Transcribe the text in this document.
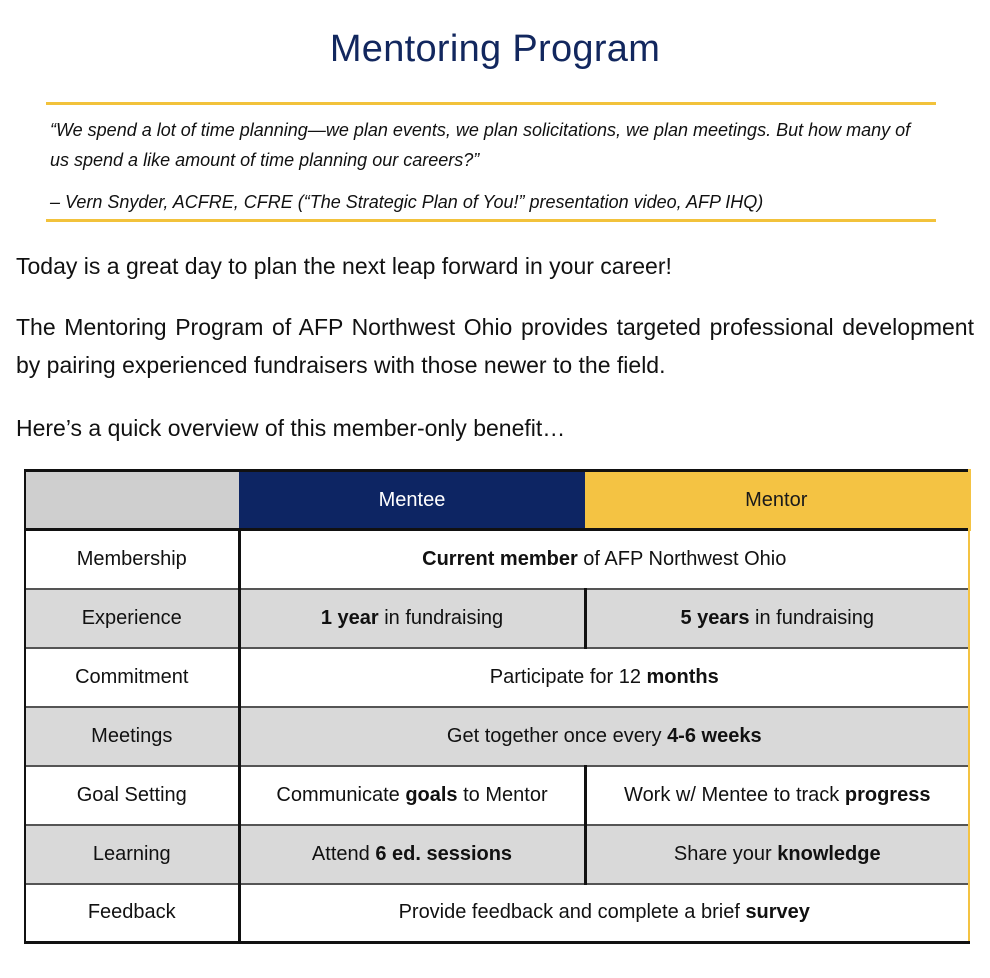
Mentoring Program

“We spend a lot of time planning—we plan events, we plan solicitations, we plan meetings. But how many of us spend a like amount of time planning our careers?”

– Vern Snyder, ACFRE, CFRE (“The Strategic Plan of You!” presentation video, AFP IHQ)

Today is a great day to plan the next leap forward in your career!
The Mentoring Program of AFP Northwest Ohio provides targeted professional development by pairing experienced fundraisers with those newer to the field.
Here’s a quick overview of this member-only benefit…
	Mentee	Mentor
Membership	Current member of AFP Northwest Ohio	
Experience	1 year in fundraising	5 years in fundraising
Commitment	Participate for 12 months	
Meetings	Get together once every 4-6 weeks	
Goal Setting	Communicate goals to Mentor	Work w/ Mentee to track progress
Learning	Attend 6 ed. sessions	Share your knowledge
Feedback	Provide feedback and complete a brief survey	
